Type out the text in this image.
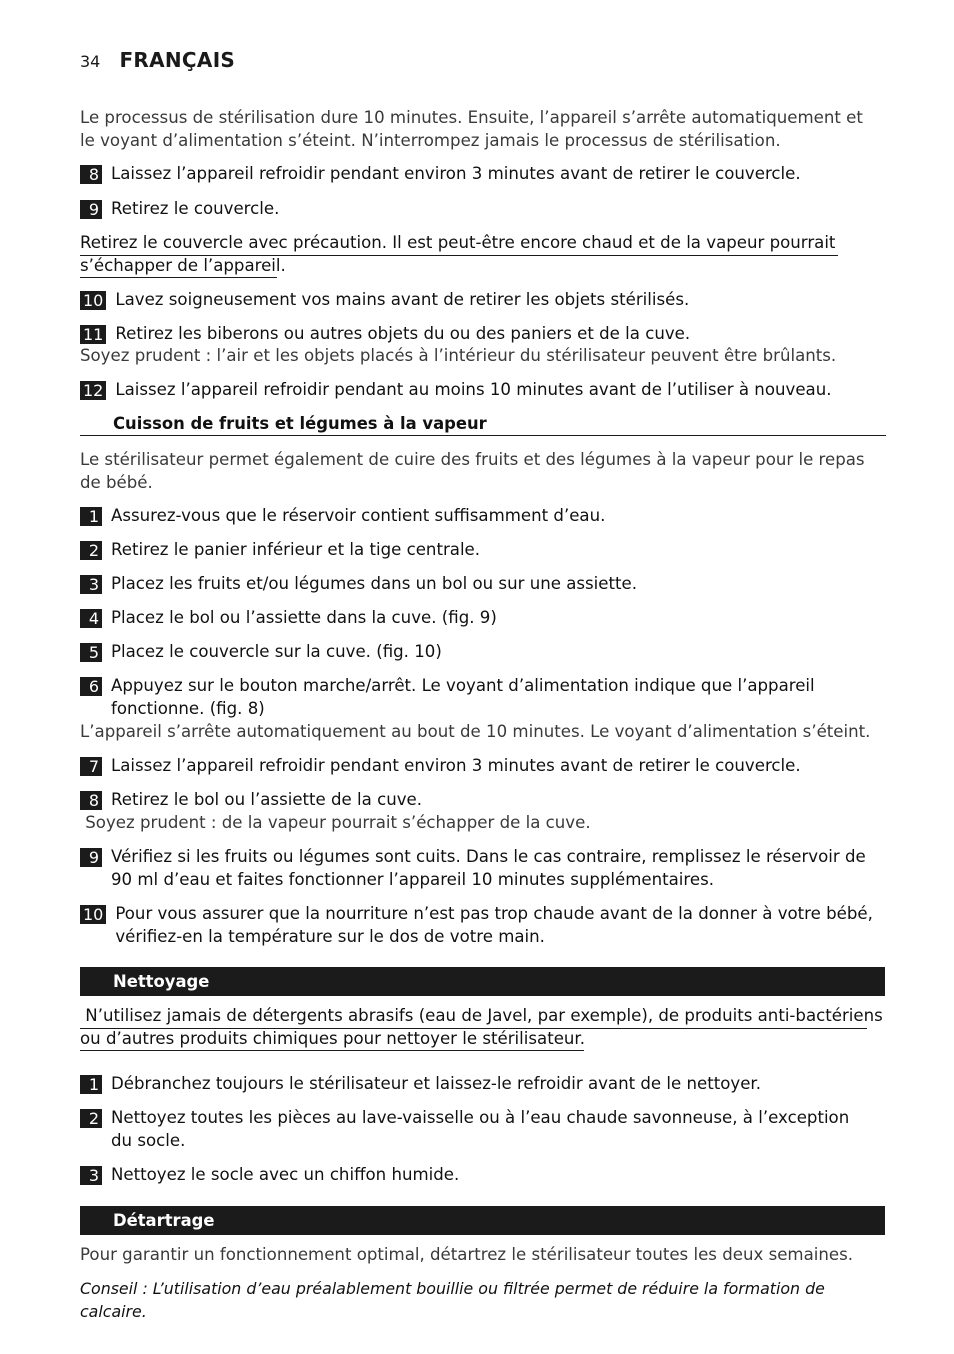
34 FRANÇAIS
Le processus de stérilisation dure 10 minutes. Ensuite, l’appareil s’arrête automatiquement et le voyant d’alimentation s’éteint. N’interrompez jamais le processus de stérilisation.
8 Laissez l’appareil refroidir pendant environ 3 minutes avant de retirer le couvercle.
9 Retirez le couvercle.
Retirez le couvercle avec précaution. Il est peut-être encore chaud et de la vapeur pourrait s’échapper de l’appareil.
10 Lavez soigneusement vos mains avant de retirer les objets stérilisés.
11 Retirez les biberons ou autres objets du ou des paniers et de la cuve.
Soyez prudent : l’air et les objets placés à l’intérieur du stérilisateur peuvent être brûlants.
12 Laissez l’appareil refroidir pendant au moins 10 minutes avant de l’utiliser à nouveau.
Cuisson de fruits et légumes à la vapeur
Le stérilisateur permet également de cuire des fruits et des légumes à la vapeur pour le repas de bébé.
1 Assurez-vous que le réservoir contient suffisamment d’eau.
2 Retirez le panier inférieur et la tige centrale.
3 Placez les fruits et/ou légumes dans un bol ou sur une assiette.
4 Placez le bol ou l’assiette dans la cuve. (fig. 9)
5 Placez le couvercle sur la cuve. (fig. 10)
6 Appuyez sur le bouton marche/arrêt. Le voyant d’alimentation indique que l’appareil fonctionne. (fig. 8)
L’appareil s’arrête automatiquement au bout de 10 minutes. Le voyant d’alimentation s’éteint.
7 Laissez l’appareil refroidir pendant environ 3 minutes avant de retirer le couvercle.
8 Retirez le bol ou l’assiette de la cuve.
Soyez prudent : de la vapeur pourrait s’échapper de la cuve.
9 Vérifiez si les fruits ou légumes sont cuits. Dans le cas contraire, remplissez le réservoir de 90 ml d’eau et faites fonctionner l’appareil 10 minutes supplémentaires.
10 Pour vous assurer que la nourriture n’est pas trop chaude avant de la donner à votre bébé, vérifiez-en la température sur le dos de votre main.
Nettoyage
N’utilisez jamais de détergents abrasifs (eau de Javel, par exemple), de produits anti-bactériens
ou d’autres produits chimiques pour nettoyer le stérilisateur.
1 Débranchez toujours le stérilisateur et laissez-le refroidir avant de le nettoyer.
2 Nettoyez toutes les pièces au lave-vaisselle ou à l’eau chaude savonneuse, à l’exception du socle.
3 Nettoyez le socle avec un chiffon humide.
Détartrage
Pour garantir un fonctionnement optimal, détartrez le stérilisateur toutes les deux semaines.
Conseil : L’utilisation d’eau préalablement bouillie ou filtrée permet de réduire la formation de calcaire.
